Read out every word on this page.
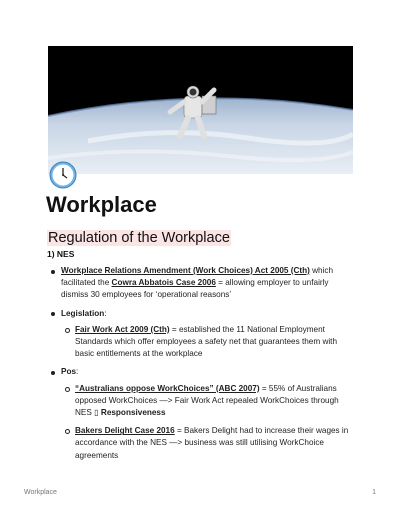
Workplace
Regulation of the Workplace
1) NES
Workplace Relations Amendment (Work Choices) Act 2005 (Cth) which facilitated the Cowra Abbatois Case 2006 = allowing employer to unfairly dismiss 30 employees for ‘operational reasons’
Legislation:
Fair Work Act 2009 (Cth) = established the 11 National Employment Standards which offer employees a safety net that guarantees them with basic entitlements at the workplace
Pos:
“Australians oppose WorkChoices” (ABC 2007) = 55% of Australians opposed WorkChoices —> Fair Work Act repealed WorkChoices through NES ▯ Responsiveness
Bakers Delight Case 2016 = Bakers Delight had to increase their wages in accordance with the NES —> business was still utilising WorkChoice agreements
Workplace	1
